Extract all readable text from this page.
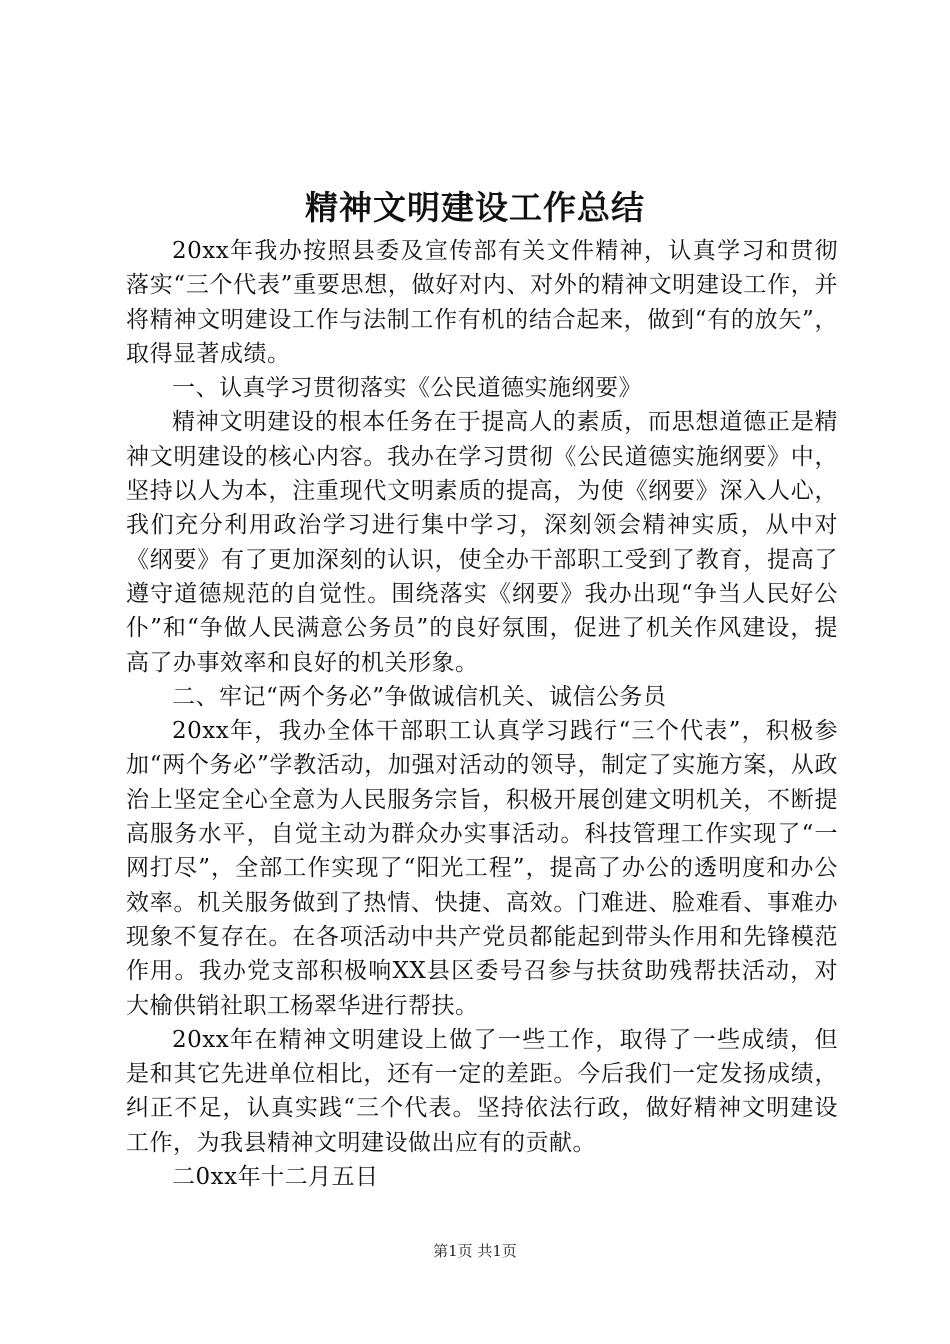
精神文明建设工作总结

20xx年我办按照县委及宣传部有关文件精神，认真学习和贯彻落实“三个代表”重要思想，做好对内、对外的精神文明建设工作，并将精神文明建设工作与法制工作有机的结合起来，做到“有的放矢”，取得显著成绩。

一、认真学习贯彻落实《公民道德实施纲要》

精神文明建设的根本任务在于提高人的素质，而思想道德正是精神文明建设的核心内容。我办在学习贯彻《公民道德实施纲要》中，坚持以人为本，注重现代文明素质的提高，为使《纲要》深入人心，我们充分利用政治学习进行集中学习，深刻领会精神实质，从中对《纲要》有了更加深刻的认识，使全办干部职工受到了教育，提高了遵守道德规范的自觉性。围绕落实《纲要》我办出现“争当人民好公仆”和“争做人民满意公务员”的良好氛围，促进了机关作风建设，提高了办事效率和良好的机关形象。

二、牢记“两个务必”争做诚信机关、诚信公务员

20xx年，我办全体干部职工认真学习践行“三个代表”，积极参加“两个务必”学教活动，加强对活动的领导，制定了实施方案，从政治上坚定全心全意为人民服务宗旨，积极开展创建文明机关，不断提高服务水平，自觉主动为群众办实事活动。科技管理工作实现了“一网打尽”，全部工作实现了“阳光工程”，提高了办公的透明度和办公效率。机关服务做到了热情、快捷、高效。门难进、脸难看、事难办现象不复存在。在各项活动中共产党员都能起到带头作用和先锋模范作用。我办党支部积极响XX县区委号召参与扶贫助残帮扶活动，对大榆供销社职工杨翠华进行帮扶。

20xx年在精神文明建设上做了一些工作，取得了一些成绩，但是和其它先进单位相比，还有一定的差距。今后我们一定发扬成绩，纠正不足，认真实践“三个代表。坚持依法行政，做好精神文明建设工作，为我县精神文明建设做出应有的贡献。

二0xx年十二月五日

第1页 共1页
